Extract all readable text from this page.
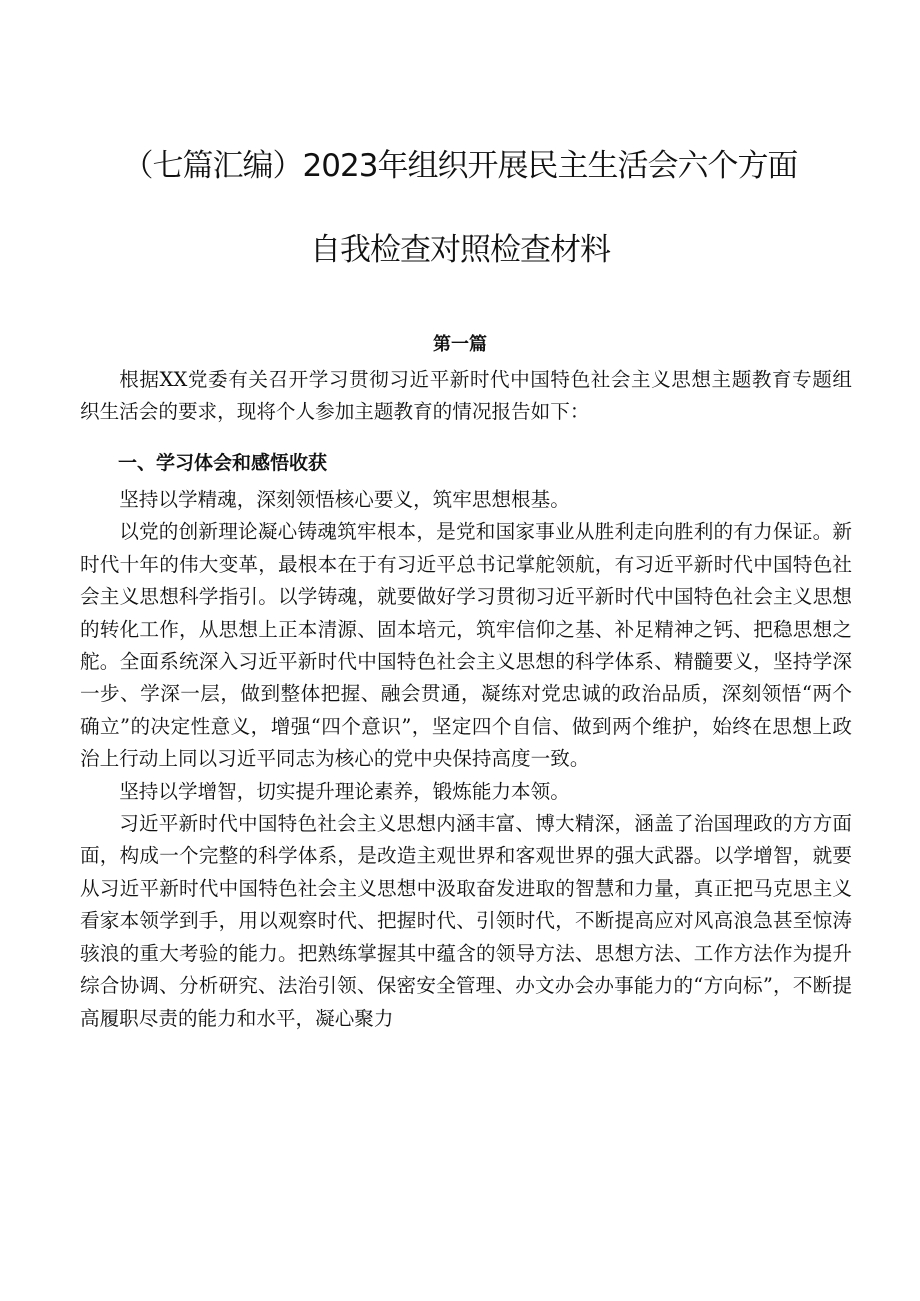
（七篇汇编）2023年组织开展民主生活会六个方面
自我检查对照检查材料
第一篇

根据XX党委有关召开学习贯彻习近平新时代中国特色社会主义思想主题教育专题组织生活会的要求，现将个人参加主题教育的情况报告如下：

一、学习体会和感悟收获

坚持以学精魂，深刻领悟核心要义，筑牢思想根基。

以党的创新理论凝心铸魂筑牢根本，是党和国家事业从胜利走向胜利的有力保证。新时代十年的伟大变革，最根本在于有习近平总书记掌舵领航，有习近平新时代中国特色社会主义思想科学指引。以学铸魂，就要做好学习贯彻习近平新时代中国特色社会主义思想的转化工作，从思想上正本清源、固本培元，筑牢信仰之基、补足精神之钙、把稳思想之舵。全面系统深入习近平新时代中国特色社会主义思想的科学体系、精髓要义，坚持学深一步、学深一层，做到整体把握、融会贯通，凝练对党忠诚的政治品质，深刻领悟“两个确立”的决定性意义，增强“四个意识”，坚定四个自信、做到两个维护，始终在思想上政治上行动上同以习近平同志为核心的党中央保持高度一致。

坚持以学增智，切实提升理论素养，锻炼能力本领。

习近平新时代中国特色社会主义思想内涵丰富、博大精深，涵盖了治国理政的方方面面，构成一个完整的科学体系，是改造主观世界和客观世界的强大武器。以学增智，就要从习近平新时代中国特色社会主义思想中汲取奋发进取的智慧和力量，真正把马克思主义看家本领学到手，用以观察时代、把握时代、引领时代，不断提高应对风高浪急甚至惊涛骇浪的重大考验的能力。把熟练掌握其中蕴含的领导方法、思想方法、工作方法作为提升综合协调、分析研究、法治引领、保密安全管理、办文办会办事能力的“方向标”，不断提高履职尽责的能力和水平，凝心聚力
